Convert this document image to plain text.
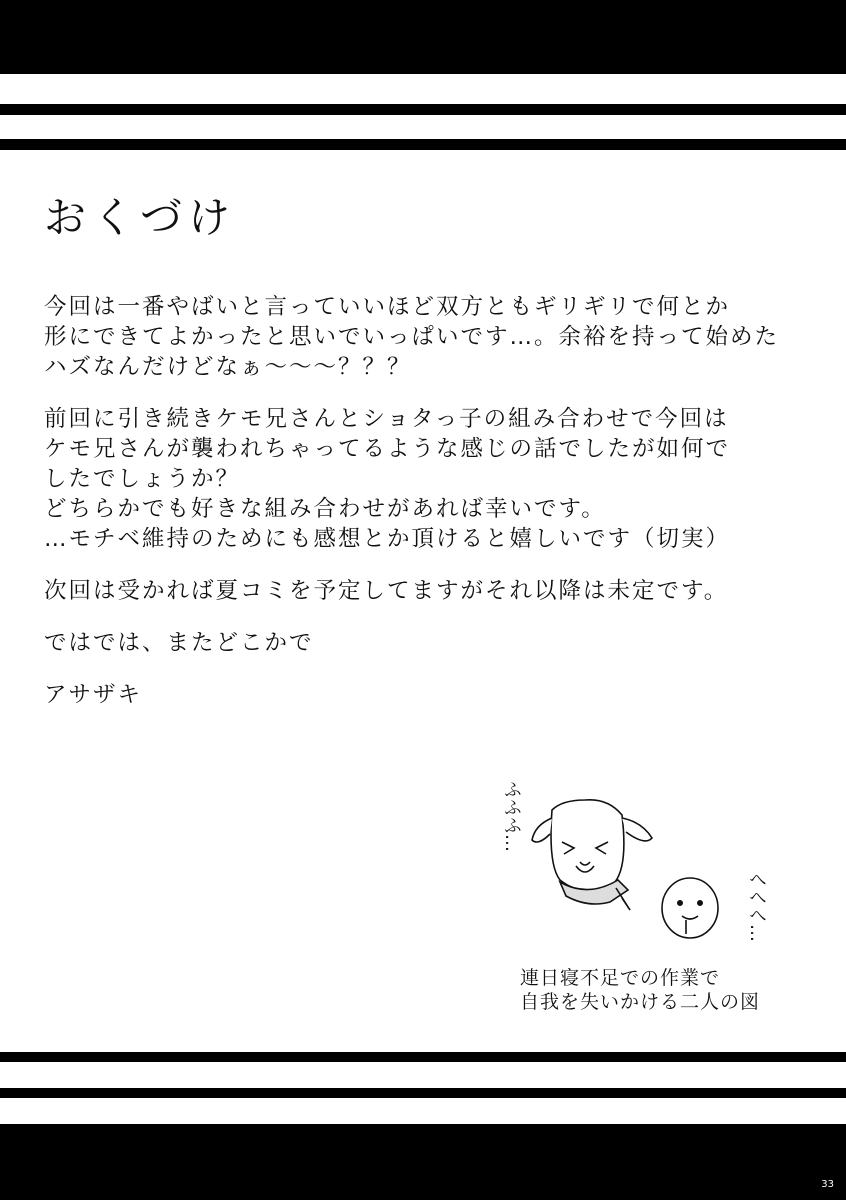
おくづけ
今回は一番やばいと言っていいほど双方ともギリギリで何とか
形にできてよかったと思いでいっぱいです…。余裕を持って始めた
ハズなんだけどなぁ〜〜〜？？？
前回に引き続きケモ兄さんとショタっ子の組み合わせで今回は
ケモ兄さんが襲われちゃってるような感じの話でしたが如何で
したでしょうか？
どちらかでも好きな組み合わせがあれば幸いです。
…モチベ維持のためにも感想とか頂けると嬉しいです（切実）
次回は受かれば夏コミを予定してますがそれ以降は未定です。
ではでは、またどこかで
アサザキ
ふふふ…
へへへ…
連日寝不足での作業で
自我を失いかける二人の図
33
